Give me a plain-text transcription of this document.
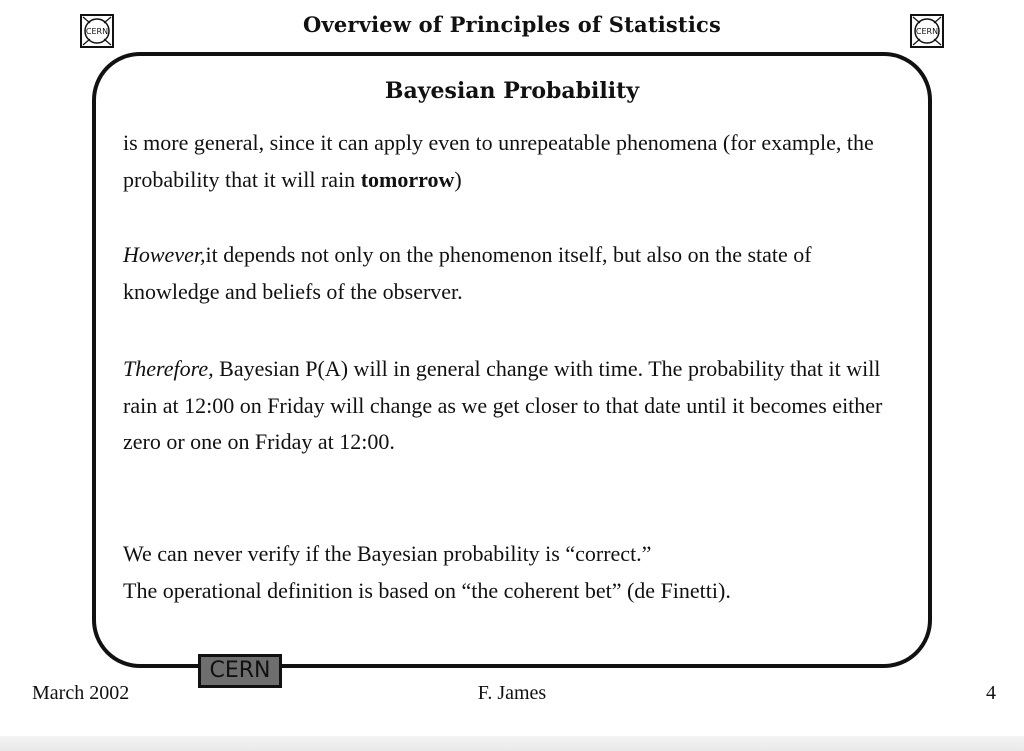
CERN	Overview of Principles of Statistics	CERN
Bayesian Probability

is more general, since it can apply even to unrepeatable phenomena (for example, the probability that it will rain tomorrow)

However,it depends not only on the phenomenon itself, but also on the state of knowledge and beliefs of the observer.

Therefore, Bayesian P(A) will in general change with time. The probability that it will rain at 12:00 on Friday will change as we get closer to that date until it becomes either zero or one on Friday at 12:00.

We can never verify if the Bayesian probability is “correct.”
The operational definition is based on “the coherent bet” (de Finetti).

CERN
March 2002	F. James	4
